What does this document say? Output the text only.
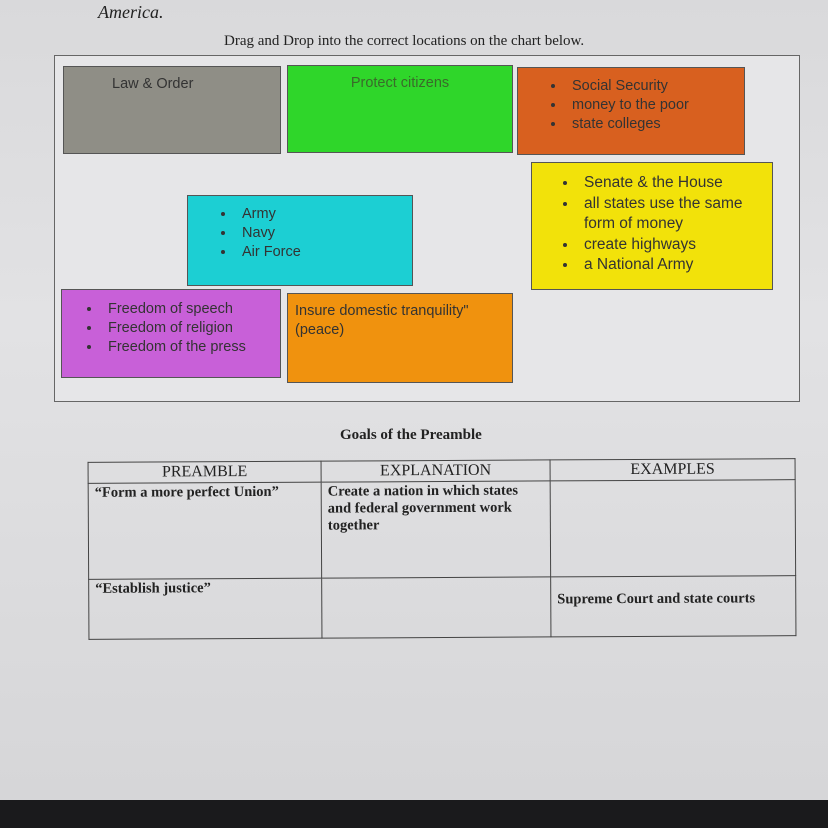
America.
Drag and Drop into the correct locations on the chart below.
Law & Order	Protect citizens	• Social Security
• money to the poor
• state colleges
• Senate & the House
• all states use the same form of money
• create highways
• a National Army
• Army
• Navy
• Air Force
• Freedom of speech
• Freedom of religion
• Freedom of the press
Insure domestic tranquility" (peace)
Goals of the Preamble
PREAMBLE	EXPLANATION	EXAMPLES
“Form a more perfect Union”	Create a nation in which states and federal government work together	
“Establish justice”		Supreme Court and state courts
